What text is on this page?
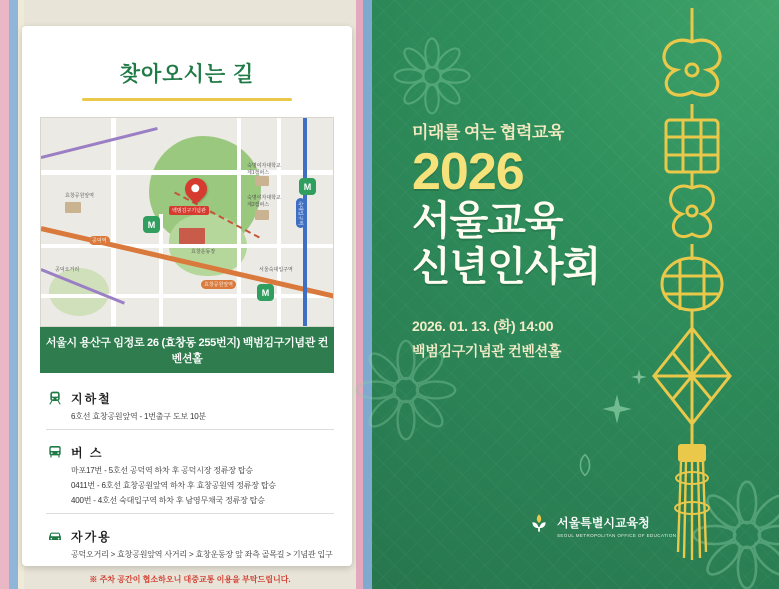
찾아오시는 길
백범김구기념관
M
M
M
공덕역
효창공원앞역
숙대입구역
효창공원앞역
효창운동장
숙명여자대학교
제1캠퍼스
숙명여자대학교
제2캠퍼스
공덕오거리	서울숙대입구역
서울시 용산구 임정로 26 (효창동 255번지) 백범김구기념관 컨벤션홀
지하철
6호선 효창공원앞역 - 1번출구 도보 10분
버 스
마포17번 - 5호선 공덕역 하차 후 공덕시장 정류장 탑승
0411번 - 6호선 효창공원앞역 하차 후 효창공원역 정류장 탑승
400번 - 4호선 숙대입구역 하차 후 남영무채국 정류장 탑승
자가용
공덕오거리 > 효창공원앞역 사거리 > 효창운동장 앞 좌측 골목길 > 기념관 입구
※ 주차 공간이 협소하오니 대중교통 이용을 부탁드립니다.
미래를 여는 협력교육
2026
서울교육
신년인사회
2026. 01. 13. (화) 14:00
백범김구기념관 컨벤션홀
서울특별시교육청
SEOUL METROPOLITAN OFFICE OF EDUCATION
